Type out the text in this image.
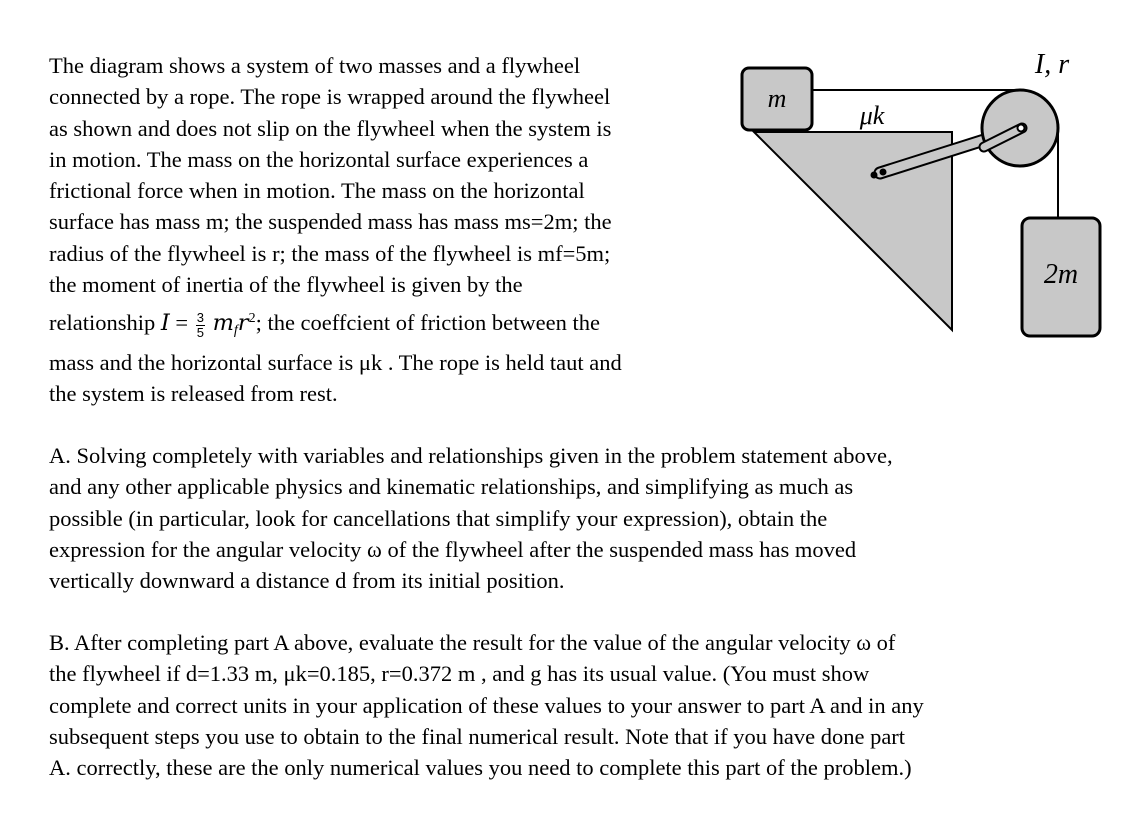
The diagram shows a system of two masses and a flywheel
connected by a rope. The rope is wrapped around the flywheel
as shown and does not slip on the flywheel when the system is
in motion. The mass on the horizontal surface experiences a
frictional force when in motion. The mass on the horizontal
surface has mass m; the suspended mass has mass ms=2m; the
radius of the flywheel is r; the mass of the flywheel is mf=5m;
the moment of inertia of the flywheel is given by the
relationship $I = \frac{3}{5} m_fr^2$; the coeffcient of friction between the
mass and the horizontal surface is μk . The rope is held taut and
the system is released from rest.
m
μk
I, r
2m
A. Solving completely with variables and relationships given in the problem statement above,
and any other applicable physics and kinematic relationships, and simplifying as much as
possible (in particular, look for cancellations that simplify your expression), obtain the
expression for the angular velocity ω of the flywheel after the suspended mass has moved
vertically downward a distance d from its initial position.
B. After completing part A above, evaluate the result for the value of the angular velocity ω of
the flywheel if d=1.33 m, μk=0.185, r=0.372 m , and g has its usual value. (You must show
complete and correct units in your application of these values to your answer to part A and in any
subsequent steps you use to obtain to the final numerical result. Note that if you have done part
A. correctly, these are the only numerical values you need to complete this part of the problem.)
